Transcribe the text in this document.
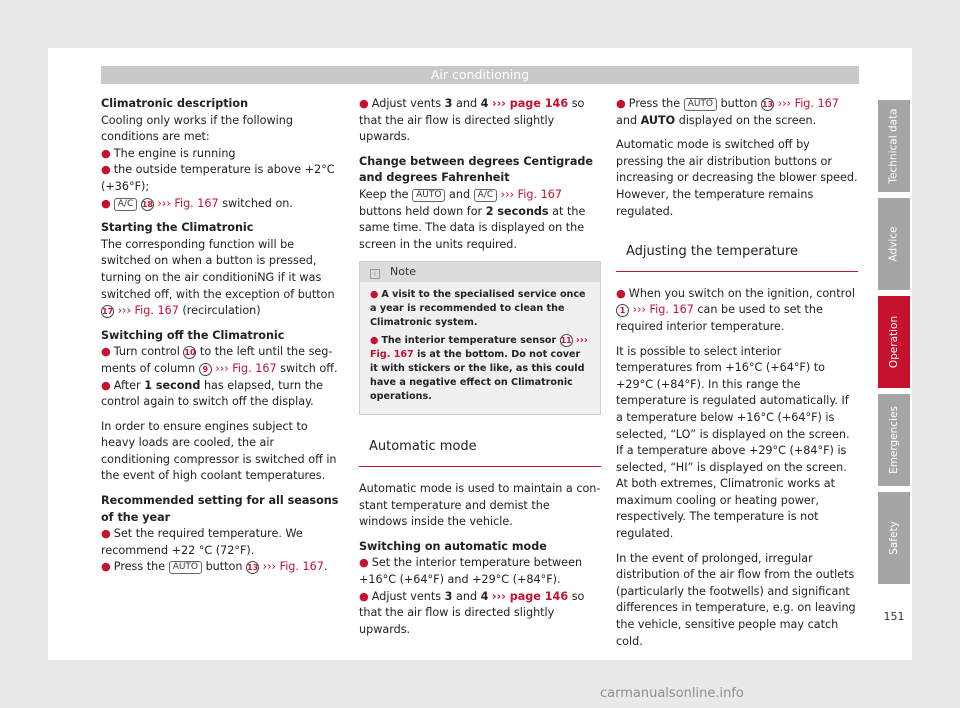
Air conditioning

Climatronic description

Cooling only works if the following conditions are met:

● The engine is running

● the outside temperature is above +2°C (+36°F);

● A/C 18 ››› Fig. 167 switched on.

Starting the Climatronic

The corresponding function will be switched on when a button is pressed, turning on the air conditioniNG if it was switched off, with the exception of button 17 ››› Fig. 167 (recirculation)

Switching off the Climatronic

● Turn control 10 to the left until the segments of column 9 ››› Fig. 167 switch off.

● After 1 second has elapsed, turn the control again to switch off the display.

In order to ensure engines subject to heavy loads are cooled, the air conditioning compressor is switched off in the event of high coolant temperatures.

Recommended setting for all seasons of the year

● Set the required temperature. We recommend +22 °C (72°F).

● Press the AUTO button 13 ››› Fig. 167.

● Adjust vents 3 and 4 ››› page 146 so that the air flow is directed slightly upwards.

Change between degrees Centigrade and degrees Fahrenheit

Keep the AUTO and A/C ››› Fig. 167 buttons held down for 2 seconds at the same time. The data is displayed on the screen in the units required.

i Note

● A visit to the specialised service once a year is recommended to clean the Climatronic system.

● The interior temperature sensor 11 ››› Fig. 167 is at the bottom. Do not cover it with stickers or the like, as this could have a negative effect on Climatronic operations.

Automatic mode

Automatic mode is used to maintain a constant temperature and demist the windows inside the vehicle.

Switching on automatic mode

● Set the interior temperature between +16°C (+64°F) and +29°C (+84°F).

● Adjust vents 3 and 4 ››› page 146 so that the air flow is directed slightly upwards.

● Press the AUTO button 13 ››› Fig. 167 and AUTO displayed on the screen.

Automatic mode is switched off by pressing the air distribution buttons or increasing or decreasing the blower speed. However, the temperature remains regulated.

Adjusting the temperature

● When you switch on the ignition, control 1 ››› Fig. 167 can be used to set the required interior temperature.

It is possible to select interior temperatures from +16°C (+64°F) to +29°C (+84°F). In this range the temperature is regulated automatically. If a temperature below +16°C (+64°F) is selected, “LO” is displayed on the screen. If a temperature above +29°C (+84°F) is selected, “HI” is displayed on the screen. At both extremes, Climatronic works at maximum cooling or heating power, respectively. The temperature is not regulated.

In the event of prolonged, irregular distribution of the air flow from the outlets (particularly the footwells) and significant differences in temperature, e.g. on leaving the vehicle, sensitive people may catch cold.

Technical data
Advice
Operation
Emergencies
Safety
151
carmanualsonline.info
